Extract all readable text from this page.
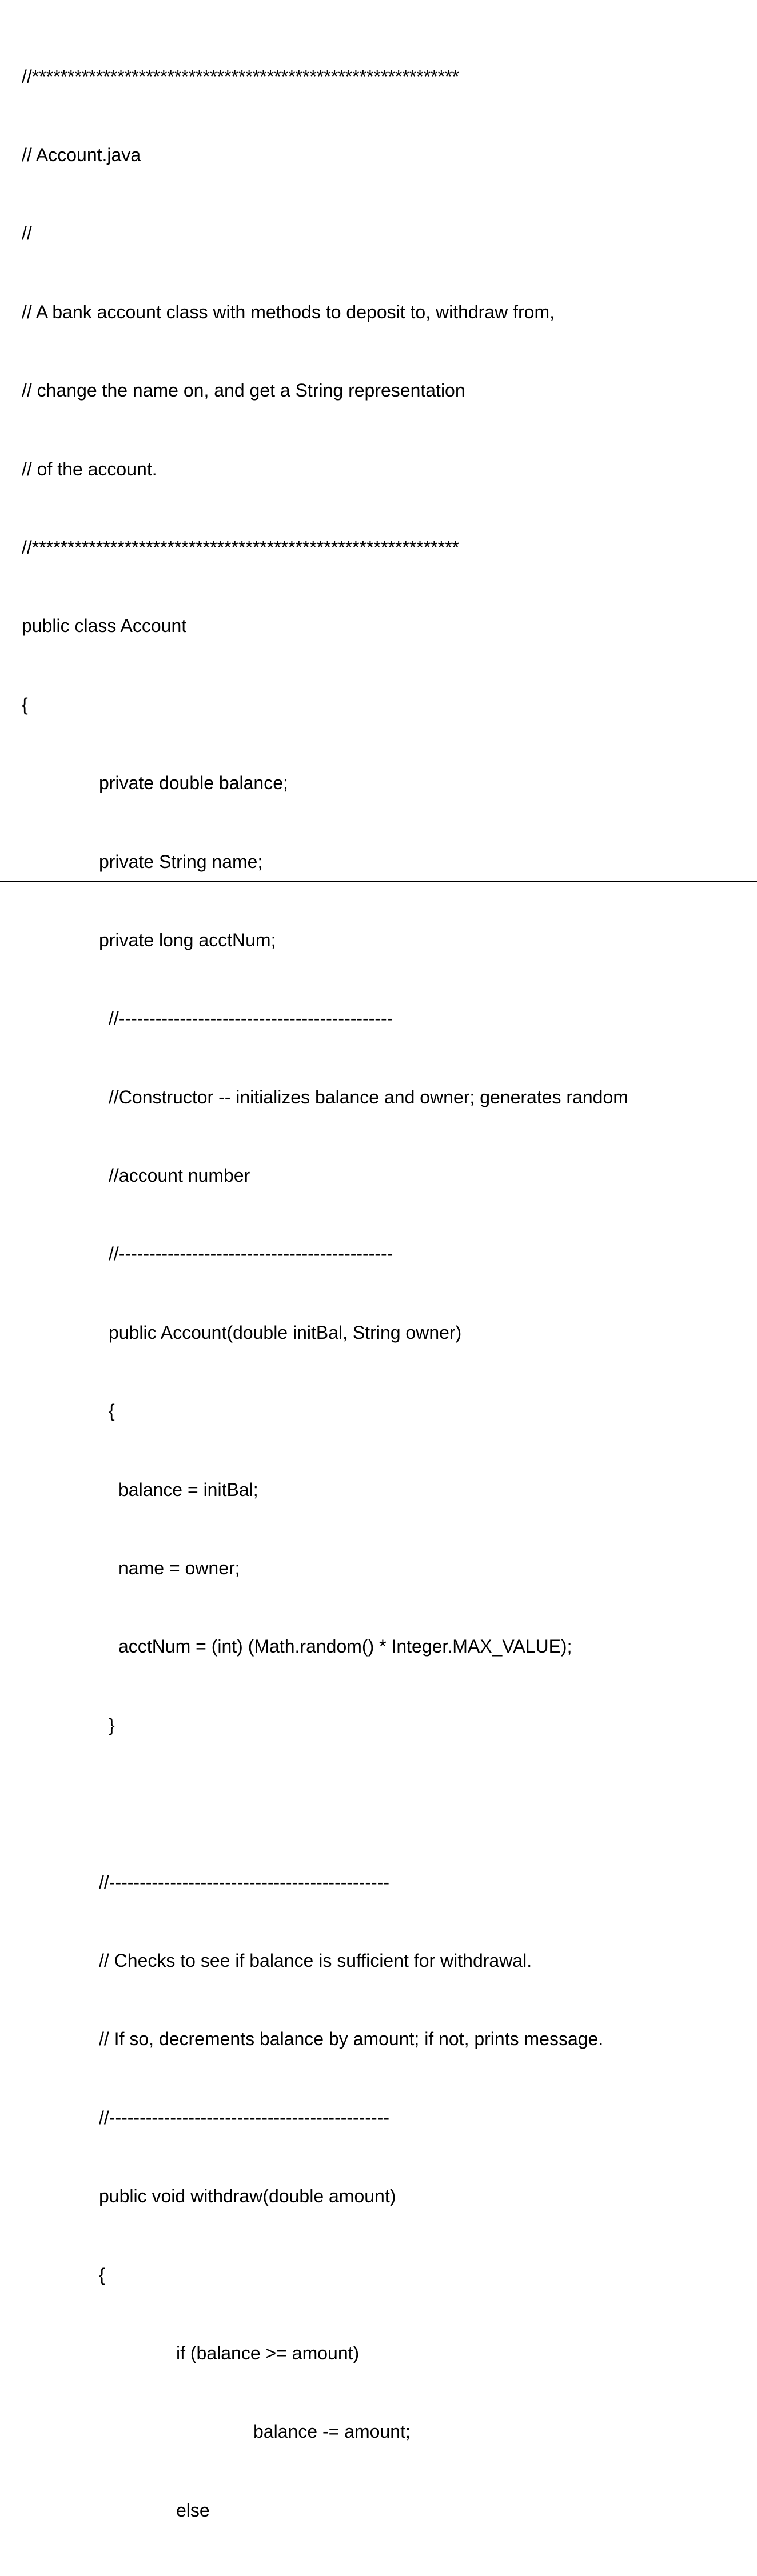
//************************************************************

// Account.java

//

// A bank account class with methods to deposit to, withdraw from,

// change the name on, and get a String representation

// of the account.

//************************************************************

public class Account

{

private double balance;

private String name;

private long acctNum;

//---------------------------------------------

//Constructor -- initializes balance and owner; generates random

//account number

//---------------------------------------------

public Account(double initBal, String owner)

{

balance = initBal;

name = owner;

acctNum = (int) (Math.random() * Integer.MAX_VALUE);

}

//----------------------------------------------

// Checks to see if balance is sufficient for withdrawal.

// If so, decrements balance by amount; if not, prints message.

//----------------------------------------------

public void withdraw(double amount)

{

if (balance >= amount)

balance -= amount;

else
